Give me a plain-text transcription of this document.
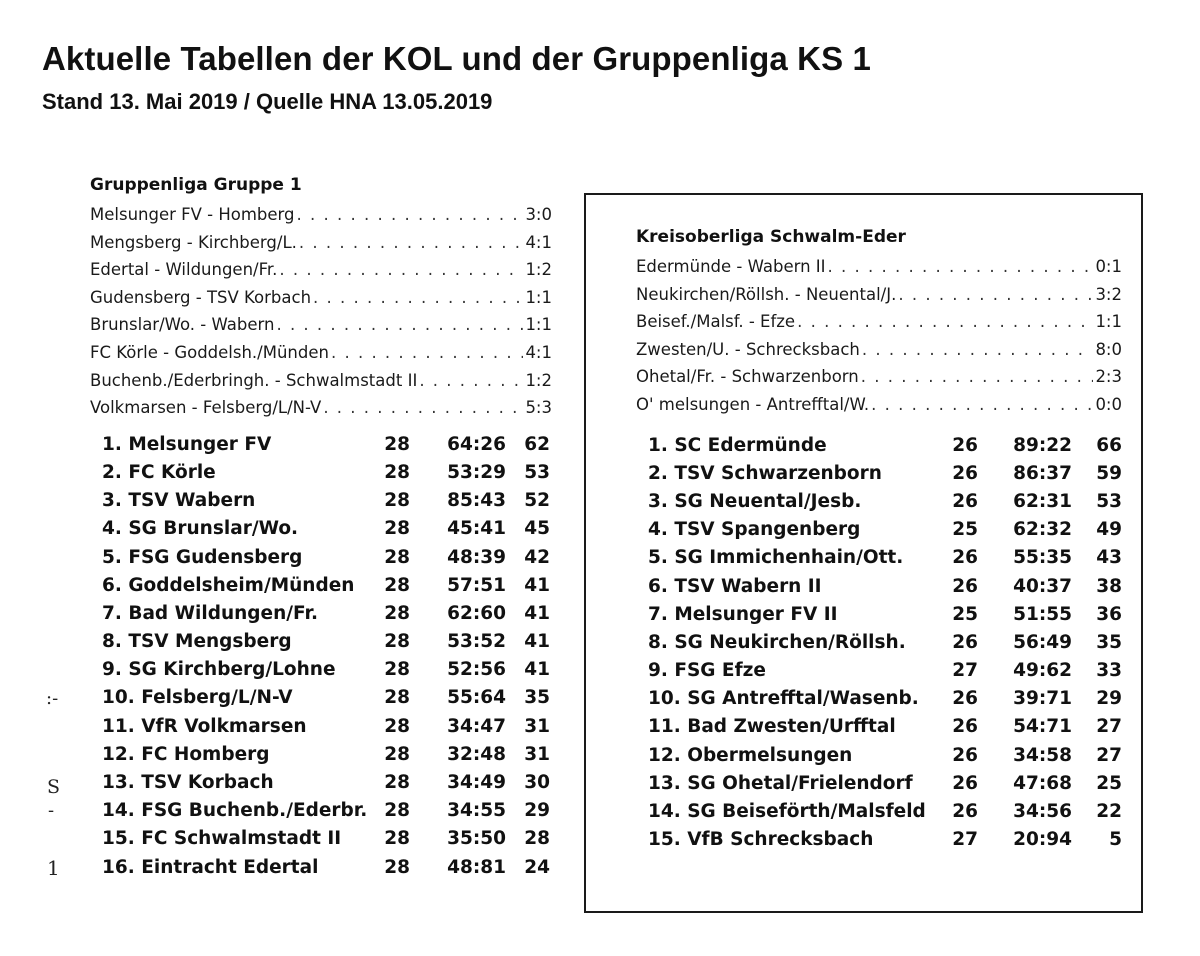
Aktuelle Tabellen der KOL und der Gruppenliga KS 1
Stand 13. Mai 2019 / Quelle HNA 13.05.2019
:-
S
-
1
Gruppenliga Gruppe 1
Melsunger FV - Homberg . . .	3:0
Mengsberg - Kirchberg/L. . . .	4:1
Edertal - Wildungen/Fr. . . .	1:2
Gudensberg - TSV Korbach . . .	1:1
Brunslar/Wo. - Wabern . . .	1:1
FC Körle - Goddelsh./Münden . . .	4:1
Buchenb./Ederbringh. - Schwalmstadt II . . .	1:2
Volkmarsen - Felsberg/L/N-V . . .	5:3
1. Melsunger FV	28	64:26 62
2. FC Körle	28	53:29 53
3. TSV Wabern	28	85:43 52
4. SG Brunslar/Wo.	28	45:41 45
5. FSG Gudensberg	28	48:39 42
6. Goddelsheim/Münden 28	57:51 41
7. Bad Wildungen/Fr.	28	62:60 41
8. TSV Mengsberg	28	53:52 41
9. SG Kirchberg/Lohne	28	52:56 41
10. Felsberg/L/N-V	28	55:64 35
11. VfR Volkmarsen	28	34:47 31
12. FC Homberg	28	32:48 31
13. TSV Korbach	28	34:49 30
14. FSG Buchenb./Ederbr. 28	34:55 29
15. FC Schwalmstadt II 28	35:50 28
16. Eintracht Edertal	28	48:81 24
Kreisoberliga Schwalm-Eder
Edermünde - Wabern II . . .	0:1
Neukirchen/Röllsh. - Neuental/J. . . .	3:2
Beisef./Malsf. - Efze . . .	1:1
Zwesten/U. - Schrecksbach . . .	8:0
Ohetal/Fr. - Schwarzenborn . . .	2:3
O' melsungen - Antrefftal/W. . . .	0:0
1. SC Edermünde	26	89:22	66
2. TSV Schwarzenborn	26	86:37	59
3. SG Neuental/Jesb.	26	62:31	53
4. TSV Spangenberg	25	62:32	49
5. SG Immichenhain/Ott.	26	55:35	43
6. TSV Wabern II	26	40:37	38
7. Melsunger FV II	25	51:55	36
8. SG Neukirchen/Röllsh.	26	56:49	35
9. FSG Efze	27	49:62	33
10. SG Antrefftal/Wasenb.	26	39:71	29
11. Bad Zwesten/Urfftal	26	54:71	27
12. Obermelsungen	26	34:58	27
13. SG Ohetal/Frielendorf	26	47:68	25
14. SG Beiseförth/Malsfeld	26	34:56	22
15. VfB Schrecksbach	27	20:94	5
